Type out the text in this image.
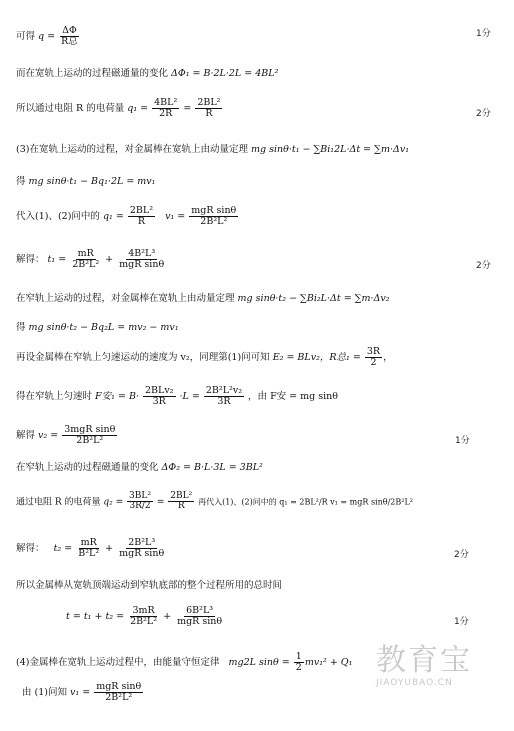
可得 $q = \frac{\Delta\Phi}{\text{R总}}$	1分
而在宽轨上运动的过程磁通量的变化 ΔΦ₁ = B·2L·2L = 4BL²
所以通过电阻 R 的电荷量 $q_1 = \frac{\text{4BL²}}{2R} = \frac{\text{2BL²}}{R}$	2分
(3)在宽轨上运动的过程，对金属棒在宽轨上由动量定理 mg sinθ·t₁ − ∑Bi₁2L·Δt = ∑m·Δv₁
得 mg sinθ·t₁ − Bq₁·2L = mv₁
代入(1)、(2)问中的 $q_1 = \frac{\text{2BL²}}{R} v_1 = \frac{\text{mgR sinθ}}{\text{2B²L²}}$
解得： $t_1 = \frac{mR}{\text{2B²L²}} + \frac{\text{4B²L³}}{\text{mgR sinθ}}$	2分
在窄轨上运动的过程，对金属棒在宽轨上由动量定理 mg sinθ·t₂ − ∑Bi₂L·Δt = ∑m·Δv₂
得 mg sinθ·t₂ − Bq₂L = mv₂ − mv₁
再设金属棒在窄轨上匀速运动的速度为 v₂，同理第(1)问可知 E₂ = BLv₂，R总$_1 = \frac{3R}{2}$ ，
得在窄轨上匀速时 F安$_1 = B\cdot \frac{\text{2BLv₂}}{3R} \cdot L = \frac{\text{2B²L²v₂}}{3R}$ ，由 F安 = mg sinθ
解得 $v_2 = \frac{\text{3mgR sinθ}}{\text{2B²L²}}$	1分
在窄轨上运动的过程磁通量的变化 ΔΦ₂ = B·L·3L = 3BL²
通过电阻 R 的电荷量 $q_2 = \frac{\text{3BL²}}{3R/2} = \frac{\text{2BL²}}{R}$ 再代入(1)、(2)问中的 q₁ = 2BL²/R v₁ = mgR sinθ/2B²L²
解得： $t_2 = \frac{mR}{\text{B²L²}} + \frac{\text{2B²L³}}{\text{mgR sinθ}}$	2分
所以金属棒从宽轨顶端运动到窄轨底部的整个过程所用的总时间
$t = t_1 + t_2 = \frac{3mR}{\text{2B²L²}} + \frac{\text{6B²L³}}{\text{mgR sinθ}}$	1分
(4)金属棒在宽轨上运动过程中，由能量守恒定律 mg2L $\sin\theta = \frac{1}{2} mv_1^2 + Q_1$
由 (1)问知 $v_1 = \frac{\text{mgR sinθ}}{\text{2B²L²}}$
教育宝
JIAOYUBAO.CN
